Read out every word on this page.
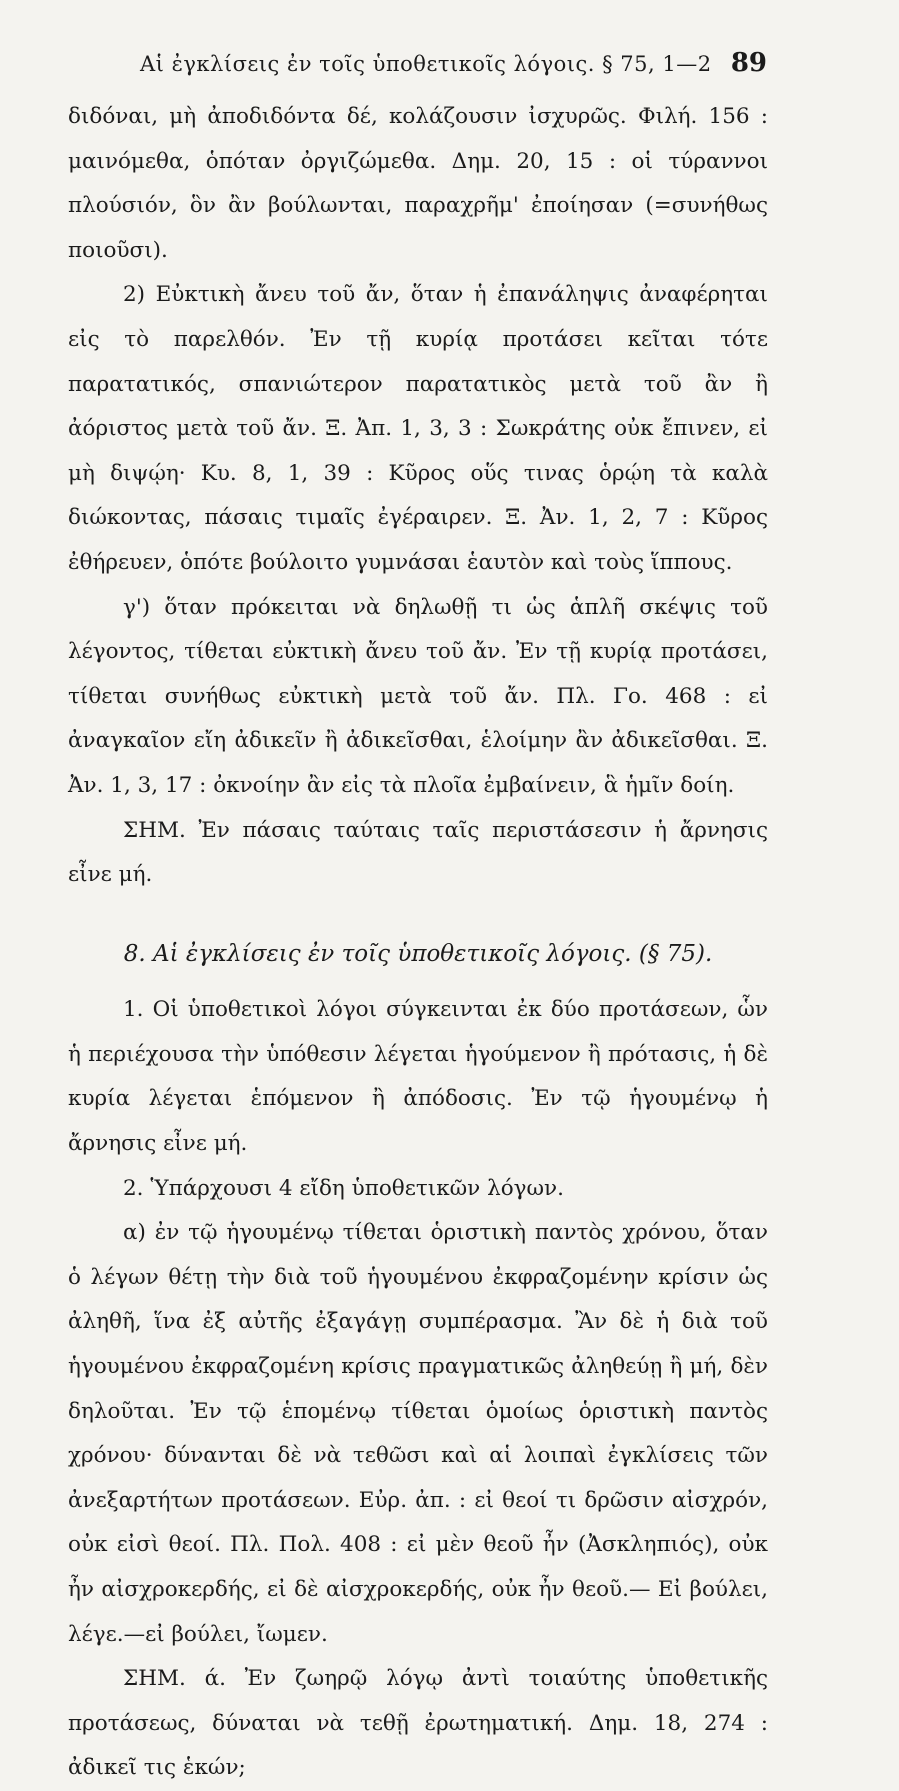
Αἱ ἐγκλίσεις ἐν τοῖς ὑποθετικοῖς λόγοις. § 75, 1—2 89

διδόναι, μὴ ἀποδιδόντα δέ, κολάζουσιν ἰσχυρῶς. Φιλή. 156 : μαινόμεθα, ὁπόταν ὀργιζώμεθα. Δημ. 20, 15 : οἱ τύραννοι πλούσιόν, ὃν ἂν βούλωνται, παραχρῆμ' ἐποίησαν (=συνήθως ποιοῦσι).

2) Εὐκτικὴ ἄνευ τοῦ ἄν, ὅταν ἡ ἐπανάληψις ἀναφέρηται εἰς τὸ παρελθόν. Ἐν τῇ κυρίᾳ προτάσει κεῖται τότε παρατατικός, σπανιώτερον παρατατικὸς μετὰ τοῦ ἂν ἢ ἀόριστος μετὰ τοῦ ἄν. Ξ. Ἀπ. 1, 3, 3 : Σωκράτης οὐκ ἔπινεν, εἰ μὴ διψῴη· Κυ. 8, 1, 39 : Κῦρος οὕς τινας ὁρῴη τὰ καλὰ διώκοντας, πάσαις τιμαῖς ἐγέραιρεν. Ξ. Ἀν. 1, 2, 7 : Κῦρος ἐθήρευεν, ὁπότε βούλοιτο γυμνάσαι ἑαυτὸν καὶ τοὺς ἵππους.

γ') ὅταν πρόκειται νὰ δηλωθῇ τι ὡς ἁπλῆ σκέψις τοῦ λέγοντος, τίθεται εὐκτικὴ ἄνευ τοῦ ἄν. Ἐν τῇ κυρίᾳ προτάσει, τίθεται συνήθως εὐκτικὴ μετὰ τοῦ ἄν. Πλ. Γο. 468 : εἰ ἀναγκαῖον εἴη ἀδικεῖν ἢ ἀδικεῖσθαι, ἑλοίμην ἂν ἀδικεῖσθαι. Ξ. Ἀν. 1, 3, 17 : ὀκνοίην ἂν εἰς τὰ πλοῖα ἐμβαίνειν, ἃ ἡμῖν δοίη.

ΣΗΜ. Ἐν πάσαις ταύταις ταῖς περιστάσεσιν ἡ ἄρνησις εἶνε μή.

8. Αἱ ἐγκλίσεις ἐν τοῖς ὑποθετικοῖς λόγοις. (§ 75).

1. Οἱ ὑποθετικοὶ λόγοι σύγκεινται ἐκ δύο προτάσεων, ὧν ἡ περιέχουσα τὴν ὑπόθεσιν λέγεται ἡγούμενον ἢ πρότασις, ἡ δὲ κυρία λέγεται ἑπόμενον ἢ ἀπόδοσις. Ἐν τῷ ἡγουμένῳ ἡ ἄρνησις εἶνε μή.

2. Ὑπάρχουσι 4 εἴδη ὑποθετικῶν λόγων.

α) ἐν τῷ ἡγουμένῳ τίθεται ὁριστικὴ παντὸς χρόνου, ὅταν ὁ λέγων θέτῃ τὴν διὰ τοῦ ἡγουμένου ἐκφραζομένην κρίσιν ὡς ἀληθῆ, ἵνα ἐξ αὐτῆς ἐξαγάγῃ συμπέρασμα. Ἂν δὲ ἡ διὰ τοῦ ἡγουμένου ἐκφραζομένη κρίσις πραγματικῶς ἀληθεύῃ ἢ μή, δὲν δηλοῦται. Ἐν τῷ ἑπομένῳ τίθεται ὁμοίως ὁριστικὴ παντὸς χρόνου· δύνανται δὲ νὰ τεθῶσι καὶ αἱ λοιπαὶ ἐγκλίσεις τῶν ἀνεξαρτήτων προτάσεων. Εὐρ. ἀπ. : εἰ θεοί τι δρῶσιν αἰσχρόν, οὐκ εἰσὶ θεοί. Πλ. Πολ. 408 : εἰ μὲν θεοῦ ἦν (Ἀσκληπιός), οὐκ ἦν αἰσχροκερδής, εἰ δὲ αἰσχροκερδής, οὐκ ἦν θεοῦ.— Εἰ βούλει, λέγε.—εἰ βούλει, ἴωμεν.

ΣΗΜ. ά. Ἐν ζωηρῷ λόγῳ ἀντὶ τοιαύτης ὑποθετικῆς προτάσεως, δύναται νὰ τεθῇ ἐρωτηματική. Δημ. 18, 274 : ἀδικεῖ τις ἑκών;
